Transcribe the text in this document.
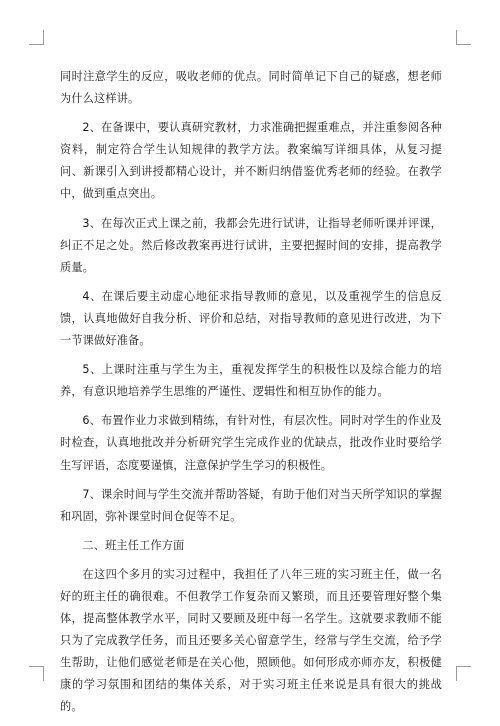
同时注意学生的反应，吸收老师的优点。同时简单记下自己的疑惑，想老师为什么这样讲。

2、在备课中，要认真研究教材，力求准确把握重难点，并注重参阅各种资料，制定符合学生认知规律的教学方法。教案编写详细具体，从复习提问、新课引入到讲授都精心设计，并不断归纳借鉴优秀老师的经验。在教学中，做到重点突出。

3、在每次正式上课之前，我都会先进行试讲，让指导老师听课并评课，纠正不足之处。然后修改教案再进行试讲，主要把握时间的安排，提高教学质量。

4、在课后要主动虚心地征求指导教师的意见，以及重视学生的信息反馈，认真地做好自我分析、评价和总结，对指导教师的意见进行改进，为下一节课做好准备。

5、上课时注重与学生为主，重视发挥学生的积极性以及综合能力的培养，有意识地培养学生思维的严谨性、逻辑性和相互协作的能力。

6、布置作业力求做到精练，有针对性，有层次性。同时对学生的作业及时检查，认真地批改并分析研究学生完成作业的优缺点，批改作业时要给学生写评语，态度要谨慎，注意保护学生学习的积极性。

7、课余时间与学生交流并帮助答疑，有助于他们对当天所学知识的掌握和巩固，弥补课堂时间仓促等不足。

二、班主任工作方面

在这四个多月的实习过程中，我担任了八年三班的实习班主任，做一名好的班主任的确很难。不但教学工作复杂而又繁琐，而且还要管理好整个集体，提高整体教学水平，同时又要顾及班中每一名学生。这就要求教师不能只为了完成教学任务，而且还要多关心留意学生，经常与学生交流，给予学生帮助，让他们感觉老师是在关心他，照顾他。如何形成亦师亦友，积极健康的学习氛围和团结的集体关系，对于实习班主任来说是具有很大的挑战的。
